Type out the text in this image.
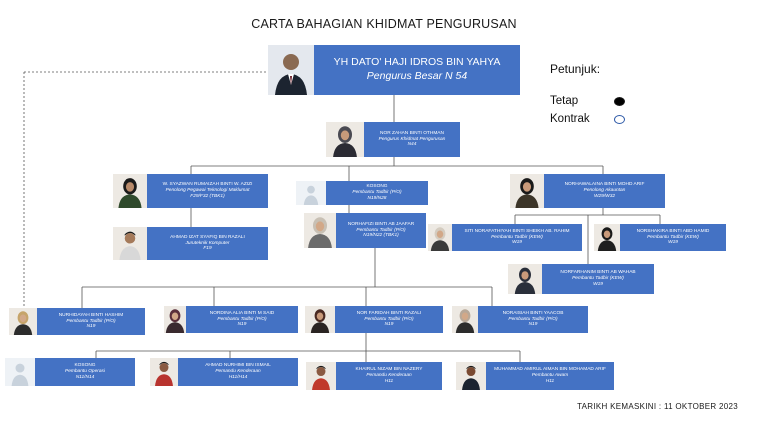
CARTA BAHAGIAN KHIDMAT PENGURUSAN
Petunjuk:
Tetap
Kontrak
TARIKH KEMASKINI : 11 OKTOBER 2023
YH DATO' HAJI IDROS BIN YAHYA
Pengurus Besar N 54
NOR ZAHAN BINTI OTHMAN
Pengurus Khidmat Pengurusan
N44
W. SYAZWAN RUMAIZAH BINTI W. AZIZI
Penolong Pegawai Teknologi Maklumat
F29/F32 (TBK1)
KOSONG
Pembantu Tadbir (P/O)
N19/N28
NORHAWALAINA BINTI MOHD ARIF
Penolong Akauntan
W29/W32
AHMAD IZAT SYAFIQ BIN RAZALI
Juruteknik Komputer
F19
NORHAFIZI BINTI AB JAAFAR
Pembantu Tadbir (P/O)
N19/N22 (TBK1)
SITI NORAFATHIYAH BINTI SHEIKH AB. RAHIM
Pembantu Tadbir (KEW)
W19
NORSHAKIRA BINTI ABD HAMID
Pembantu Tadbir (KEW)
W19
NORFARHANIM BINTI AB WAHAB
Pembantu Tadbir (KEW)
W19
NURHIDAYAH BINTI HASHIM
Pembantu Tadbir (P/O)
N19
NORDINA ALIA BINTI M SAID
Pembantu Tadbir (P/O)
N19
NOR FARIDAH BINTI RAZALI
Pembantu Tadbir (P/O)
N19
NORAISIAH BINTI YAACOB
Pembantu Tadbir (P/O)
N19
KOSONG
Pembantu Operasi
N11/N14
AHMAD NURHIMI BIN ISMAIL
Pemandu Kenderaan
H11/H14
KHAIRUL NIZAM BIN NAZERY
Pemandu Kenderaan
H11
MUHAMMAD AMIRUL AIMAN BIN MOHAMAD ARIF
Pembantu Awam
H11
